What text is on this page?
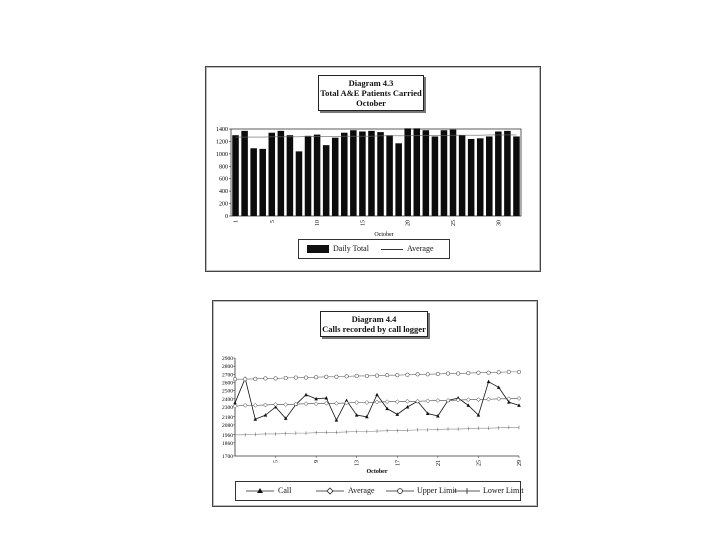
Diagram 4.3
Total A&E Patients Carried
October
1400
1200
1000
800
600
400
200
0
1	5	10	15	20	25	30
October
Daily Total	Average
Diagram 4.4
Calls recorded by call logger
2900
2800
2700
2600
2500
2400
2300
2180
2080
1960
1860
1700
5	9	13	17	21	25	29
October
Call	Average	Upper Limit	Lower Limit
